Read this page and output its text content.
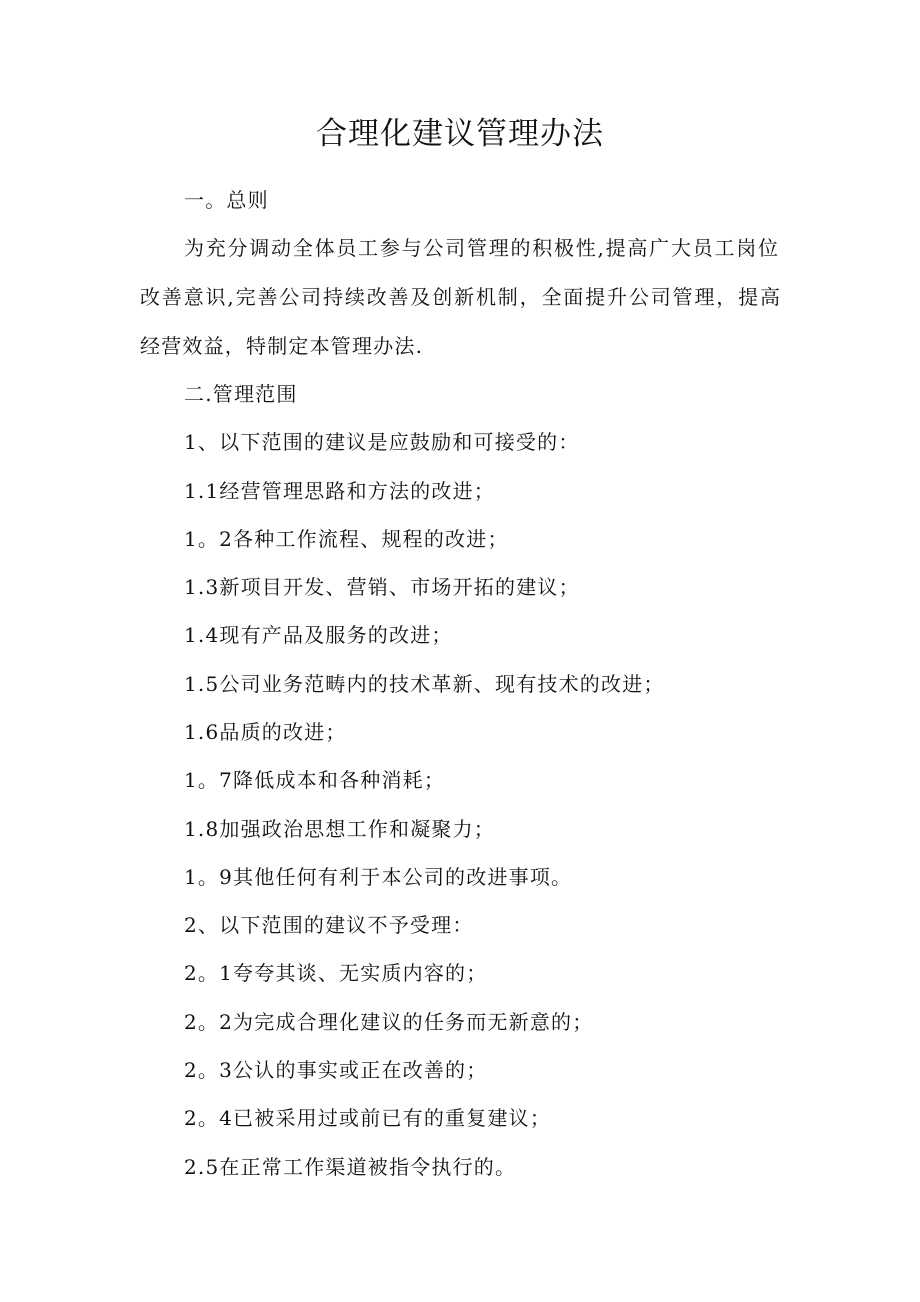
合理化建议管理办法
一。总则
为充分调动全体员工参与公司管理的积极性,提高广大员工岗位
改善意识,完善公司持续改善及创新机制，全面提升公司管理，提高
经营效益，特制定本管理办法.
二.管理范围
1、以下范围的建议是应鼓励和可接受的：
1.1经营管理思路和方法的改进；
1。2各种工作流程、规程的改进；
1.3新项目开发、营销、市场开拓的建议；
1.4现有产品及服务的改进；
1.5公司业务范畴内的技术革新、现有技术的改进；
1.6品质的改进；
1。7降低成本和各种消耗；
1.8加强政治思想工作和凝聚力；
1。9其他任何有利于本公司的改进事项。
2、以下范围的建议不予受理：
2。1夸夸其谈、无实质内容的；
2。2为完成合理化建议的任务而无新意的；
2。3公认的事实或正在改善的；
2。4已被采用过或前已有的重复建议；
2.5在正常工作渠道被指令执行的。
